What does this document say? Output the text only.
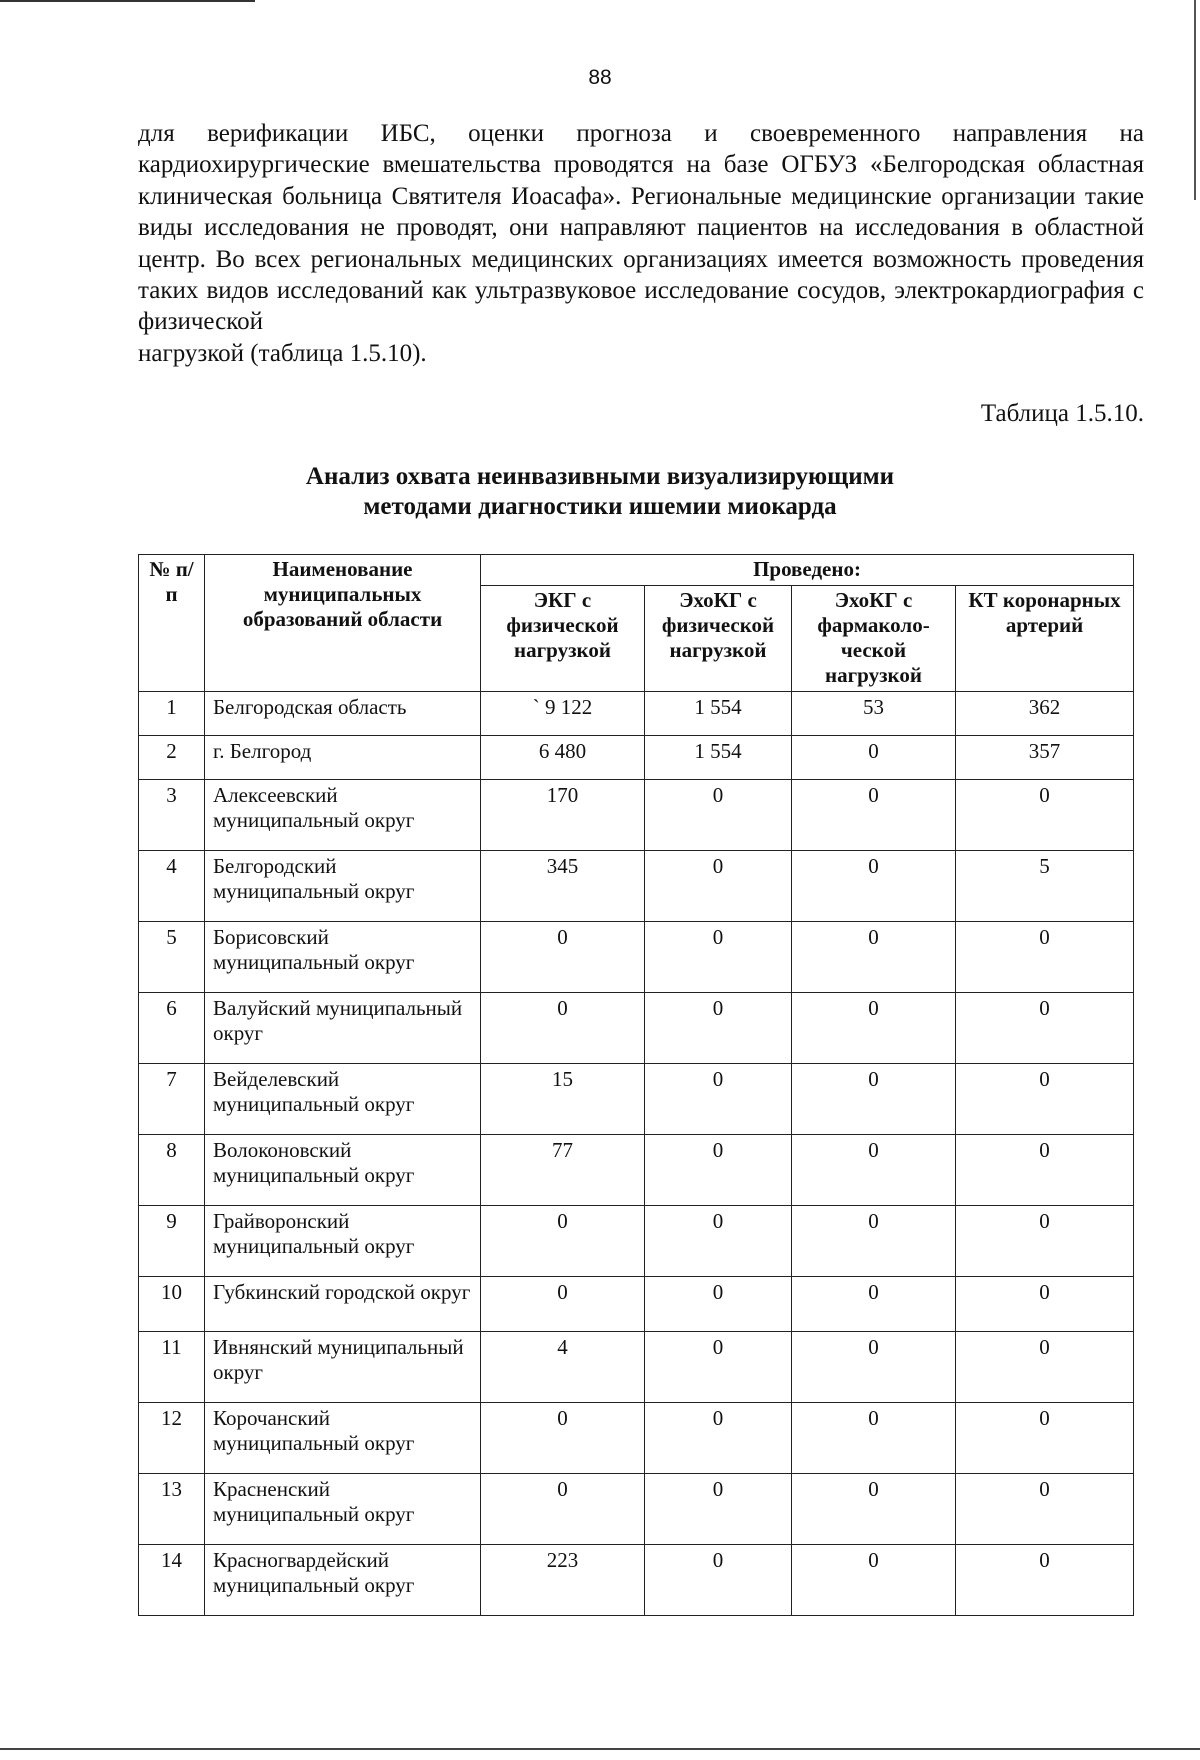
88
для верификации ИБС, оценки прогноза и своевременного направления на кардиохирургические вмешательства проводятся на базе ОГБУЗ «Белгородская областная клиническая больница Святителя Иоасафа». Региональные медицинские организации такие виды исследования не проводят, они направляют пациентов на исследования в областной центр. Во всех региональных медицинских организациях имеется возможность проведения таких видов исследований как ультразвуковое исследование сосудов, электрокардиография с физической
нагрузкой (таблица 1.5.10).
Таблица 1.5.10.
Анализ охвата неинвазивными визуализирующими
методами диагностики ишемии миокарда
№ п/п	Наименование муниципальных образований области	Проведено:			
		ЭКГ с физической нагрузкой	ЭхоКГ с физической нагрузкой	ЭхоКГ с фармаколо-ческой нагрузкой	КТ коронарных артерий
1	Белгородская область	` 9 122	1 554	53	362
2	г. Белгород	6 480	1 554	0	357
3	Алексеевский муниципальный округ	170	0	0	0
4	Белгородский муниципальный округ	345	0	0	5
5	Борисовский муниципальный округ	0	0	0	0
6	Валуйский муниципальный округ	0	0	0	0
7	Вейделевский муниципальный округ	15	0	0	0
8	Волоконовский муниципальный округ	77	0	0	0
9	Грайворонский муниципальный округ	0	0	0	0
10	Губкинский городской округ	0	0	0	0
11	Ивнянский муниципальный округ	4	0	0	0
12	Корочанский муниципальный округ	0	0	0	0
13	Красненский муниципальный округ	0	0	0	0
14	Красногвардейский муниципальный округ	223	0	0	0
